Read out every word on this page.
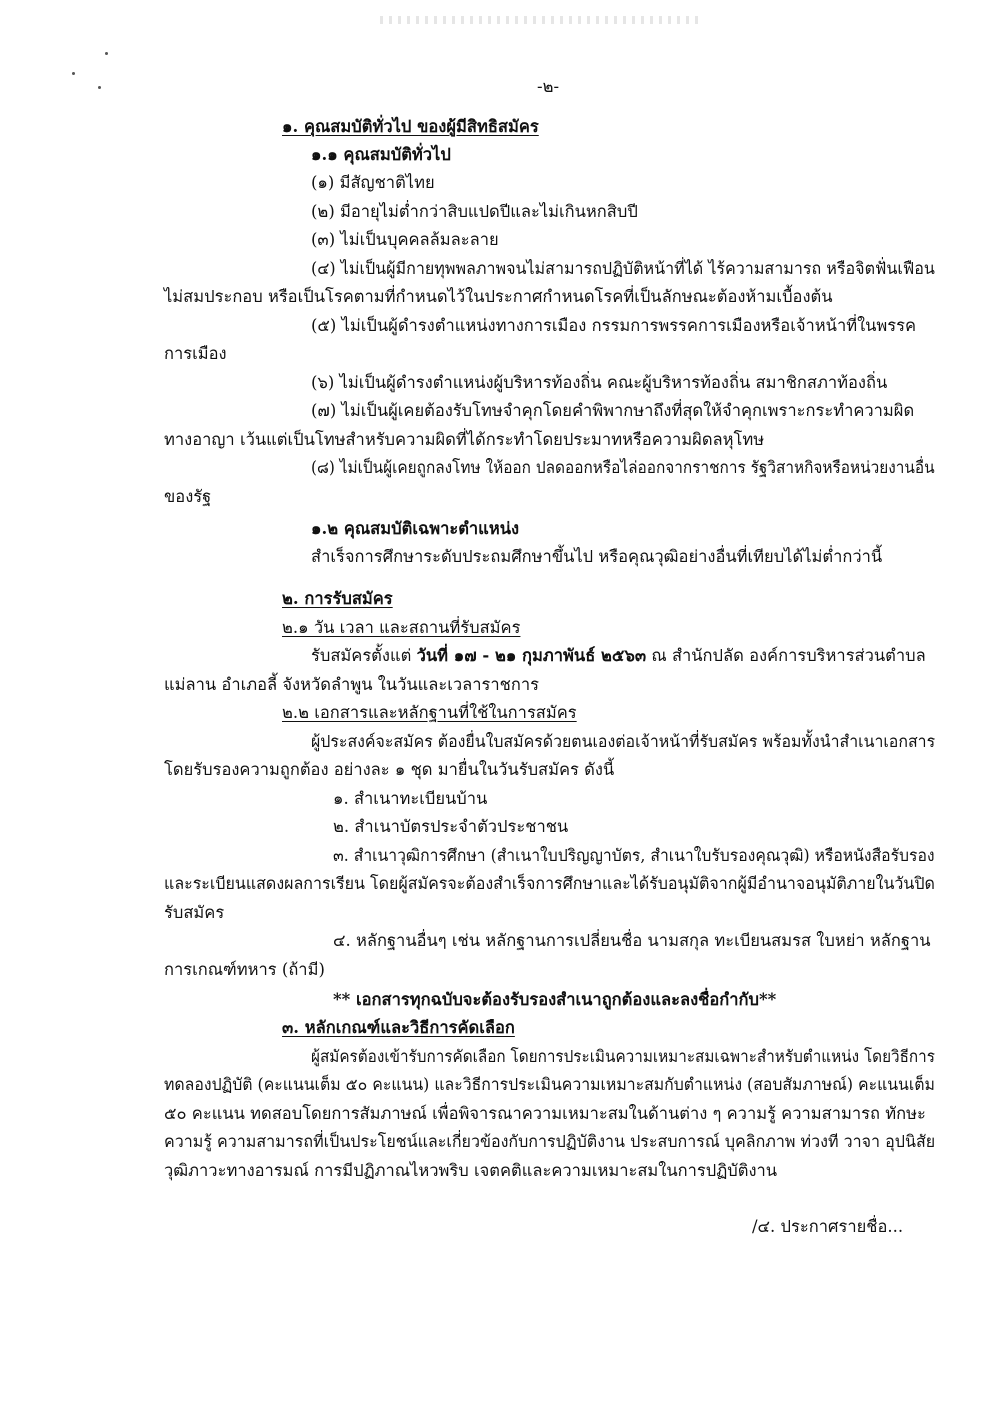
-๒-
๑. คุณสมบัติทั่วไป ของผู้มีสิทธิสมัคร
๑.๑ คุณสมบัติทั่วไป
(๑) มีสัญชาติไทย
(๒) มีอายุไม่ต่ำกว่าสิบแปดปีและไม่เกินหกสิบปี
(๓) ไม่เป็นบุคคลล้มละลาย
(๔) ไม่เป็นผู้มีกายทุพพลภาพจนไม่สามารถปฏิบัติหน้าที่ได้ ไร้ความสามารถ หรือจิตฟั่นเฟือน
ไม่สมประกอบ หรือเป็นโรคตามที่กำหนดไว้ในประกาศกำหนดโรคที่เป็นลักษณะต้องห้ามเบื้องต้น
(๕) ไม่เป็นผู้ดำรงตำแหน่งทางการเมือง กรรมการพรรคการเมืองหรือเจ้าหน้าที่ในพรรค
การเมือง
(๖) ไม่เป็นผู้ดำรงตำแหน่งผู้บริหารท้องถิ่น คณะผู้บริหารท้องถิ่น สมาชิกสภาท้องถิ่น
(๗) ไม่เป็นผู้เคยต้องรับโทษจำคุกโดยคำพิพากษาถึงที่สุดให้จำคุกเพราะกระทำความผิด
ทางอาญา เว้นแต่เป็นโทษสำหรับความผิดที่ได้กระทำโดยประมาทหรือความผิดลหุโทษ
(๘) ไม่เป็นผู้เคยถูกลงโทษ ให้ออก ปลดออกหรือไล่ออกจากราชการ รัฐวิสาหกิจหรือหน่วยงานอื่น
ของรัฐ
๑.๒ คุณสมบัติเฉพาะตำแหน่ง
สำเร็จการศึกษาระดับประถมศึกษาขึ้นไป หรือคุณวุฒิอย่างอื่นที่เทียบได้ไม่ต่ำกว่านี้
๒. การรับสมัคร
๒.๑ วัน เวลา และสถานที่รับสมัคร
รับสมัครตั้งแต่ วันที่ ๑๗ - ๒๑ กุมภาพันธ์ ๒๕๖๓ ณ สำนักปลัด องค์การบริหารส่วนตำบล
แม่ลาน อำเภอลี้ จังหวัดลำพูน ในวันและเวลาราชการ
๒.๒ เอกสารและหลักฐานที่ใช้ในการสมัคร
ผู้ประสงค์จะสมัคร ต้องยื่นใบสมัครด้วยตนเองต่อเจ้าหน้าที่รับสมัคร พร้อมทั้งนำสำเนาเอกสาร
โดยรับรองความถูกต้อง อย่างละ ๑ ชุด มายื่นในวันรับสมัคร ดังนี้
๑. สำเนาทะเบียนบ้าน
๒. สำเนาบัตรประจำตัวประชาชน
๓. สำเนาวุฒิการศึกษา (สำเนาใบปริญญาบัตร, สำเนาใบรับรองคุณวุฒิ) หรือหนังสือรับรอง
และระเบียนแสดงผลการเรียน โดยผู้สมัครจะต้องสำเร็จการศึกษาและได้รับอนุมัติจากผู้มีอำนาจอนุมัติภายในวันปิด
รับสมัคร
๔. หลักฐานอื่นๆ เช่น หลักฐานการเปลี่ยนชื่อ นามสกุล ทะเบียนสมรส ใบหย่า หลักฐาน
การเกณฑ์ทหาร (ถ้ามี)
** เอกสารทุกฉบับจะต้องรับรองสำเนาถูกต้องและลงชื่อกำกับ**
๓. หลักเกณฑ์และวิธีการคัดเลือก
ผู้สมัครต้องเข้ารับการคัดเลือก โดยการประเมินความเหมาะสมเฉพาะสำหรับตำแหน่ง โดยวิธีการ
ทดลองปฏิบัติ (คะแนนเต็ม ๕๐ คะแนน) และวิธีการประเมินความเหมาะสมกับตำแหน่ง (สอบสัมภาษณ์) คะแนนเต็ม
๕๐ คะแนน ทดสอบโดยการสัมภาษณ์ เพื่อพิจารณาความเหมาะสมในด้านต่าง ๆ ความรู้ ความสามารถ ทักษะ
ความรู้ ความสามารถที่เป็นประโยชน์และเกี่ยวข้องกับการปฏิบัติงาน ประสบการณ์ บุคลิกภาพ ท่วงที วาจา อุปนิสัย
วุฒิภาวะทางอารมณ์ การมีปฏิภาณไหวพริบ เจตคติและความเหมาะสมในการปฏิบัติงาน
/๔. ประกาศรายชื่อ...
